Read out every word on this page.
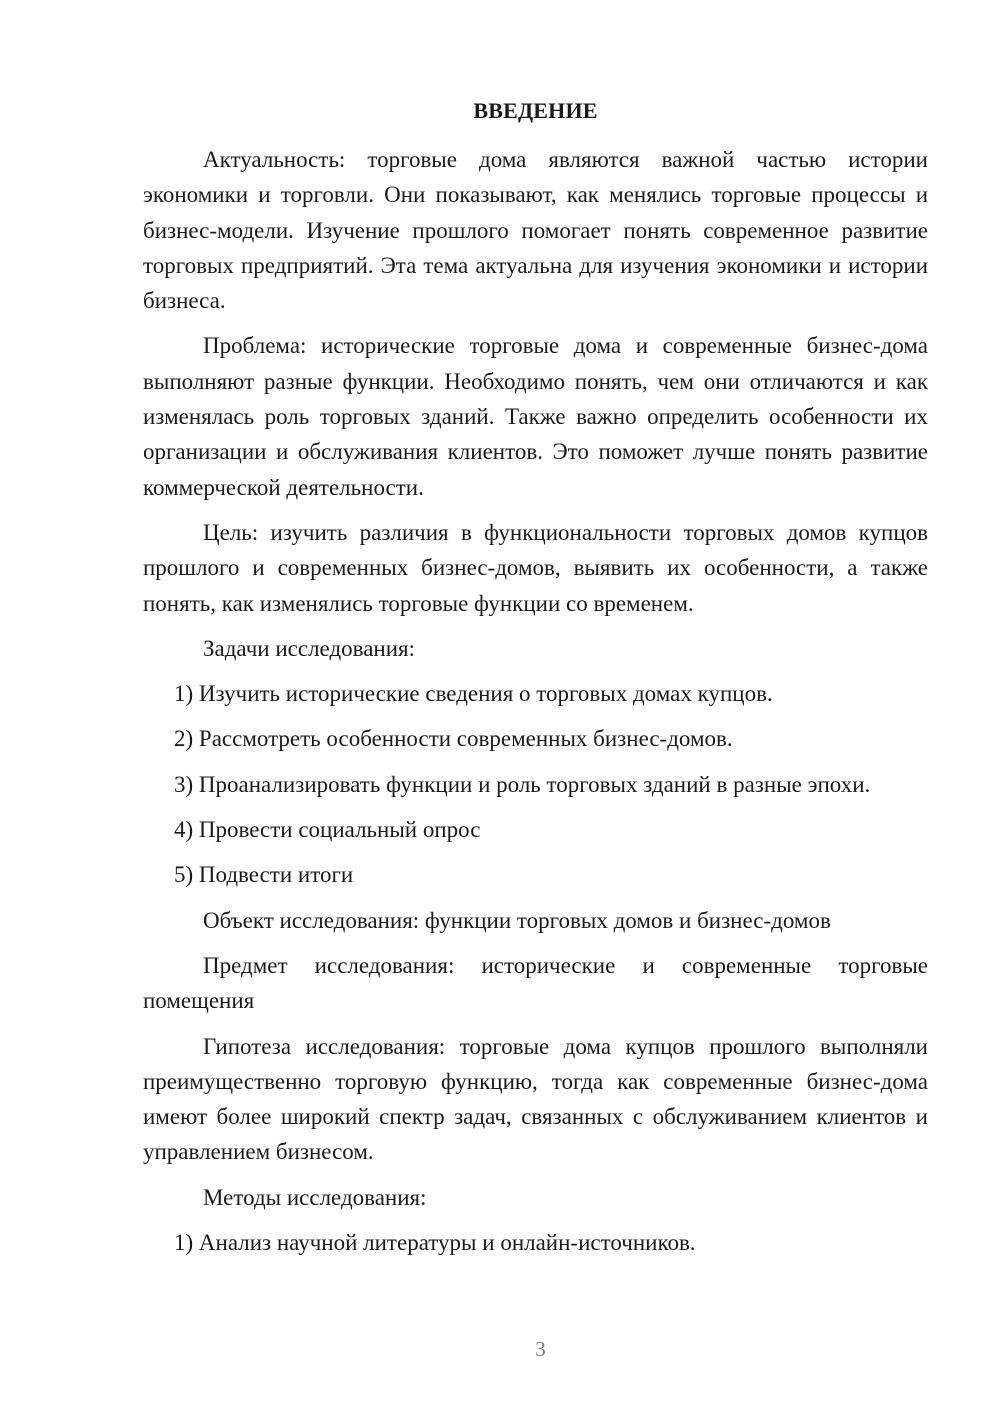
ВВЕДЕНИЕ

Актуальность: торговые дома являются важной частью истории экономики и торговли. Они показывают, как менялись торговые процессы и бизнес-модели. Изучение прошлого помогает понять современное развитие торговых предприятий. Эта тема актуальна для изучения экономики и истории бизнеса.

Проблема: исторические торговые дома и современные бизнес-дома выполняют разные функции. Необходимо понять, чем они отличаются и как изменялась роль торговых зданий. Также важно определить особенности их организации и обслуживания клиентов. Это поможет лучше понять развитие коммерческой деятельности.

Цель: изучить различия в функциональности торговых домов купцов прошлого и современных бизнес-домов, выявить их особенности, а также понять, как изменялись торговые функции со временем.

Задачи исследования:

1) Изучить исторические сведения о торговых домах купцов.

2) Рассмотреть особенности современных бизнес-домов.

3) Проанализировать функции и роль торговых зданий в разные эпохи.

4) Провести социальный опрос

5) Подвести итоги

Объект исследования: функции торговых домов и бизнес-домов

Предмет исследования: исторические и современные торговые помещения

Гипотеза исследования: торговые дома купцов прошлого выполняли преимущественно торговую функцию, тогда как современные бизнес-дома имеют более широкий спектр задач, связанных с обслуживанием клиентов и управлением бизнесом.

Методы исследования:

1) Анализ научной литературы и онлайн-источников.

3
